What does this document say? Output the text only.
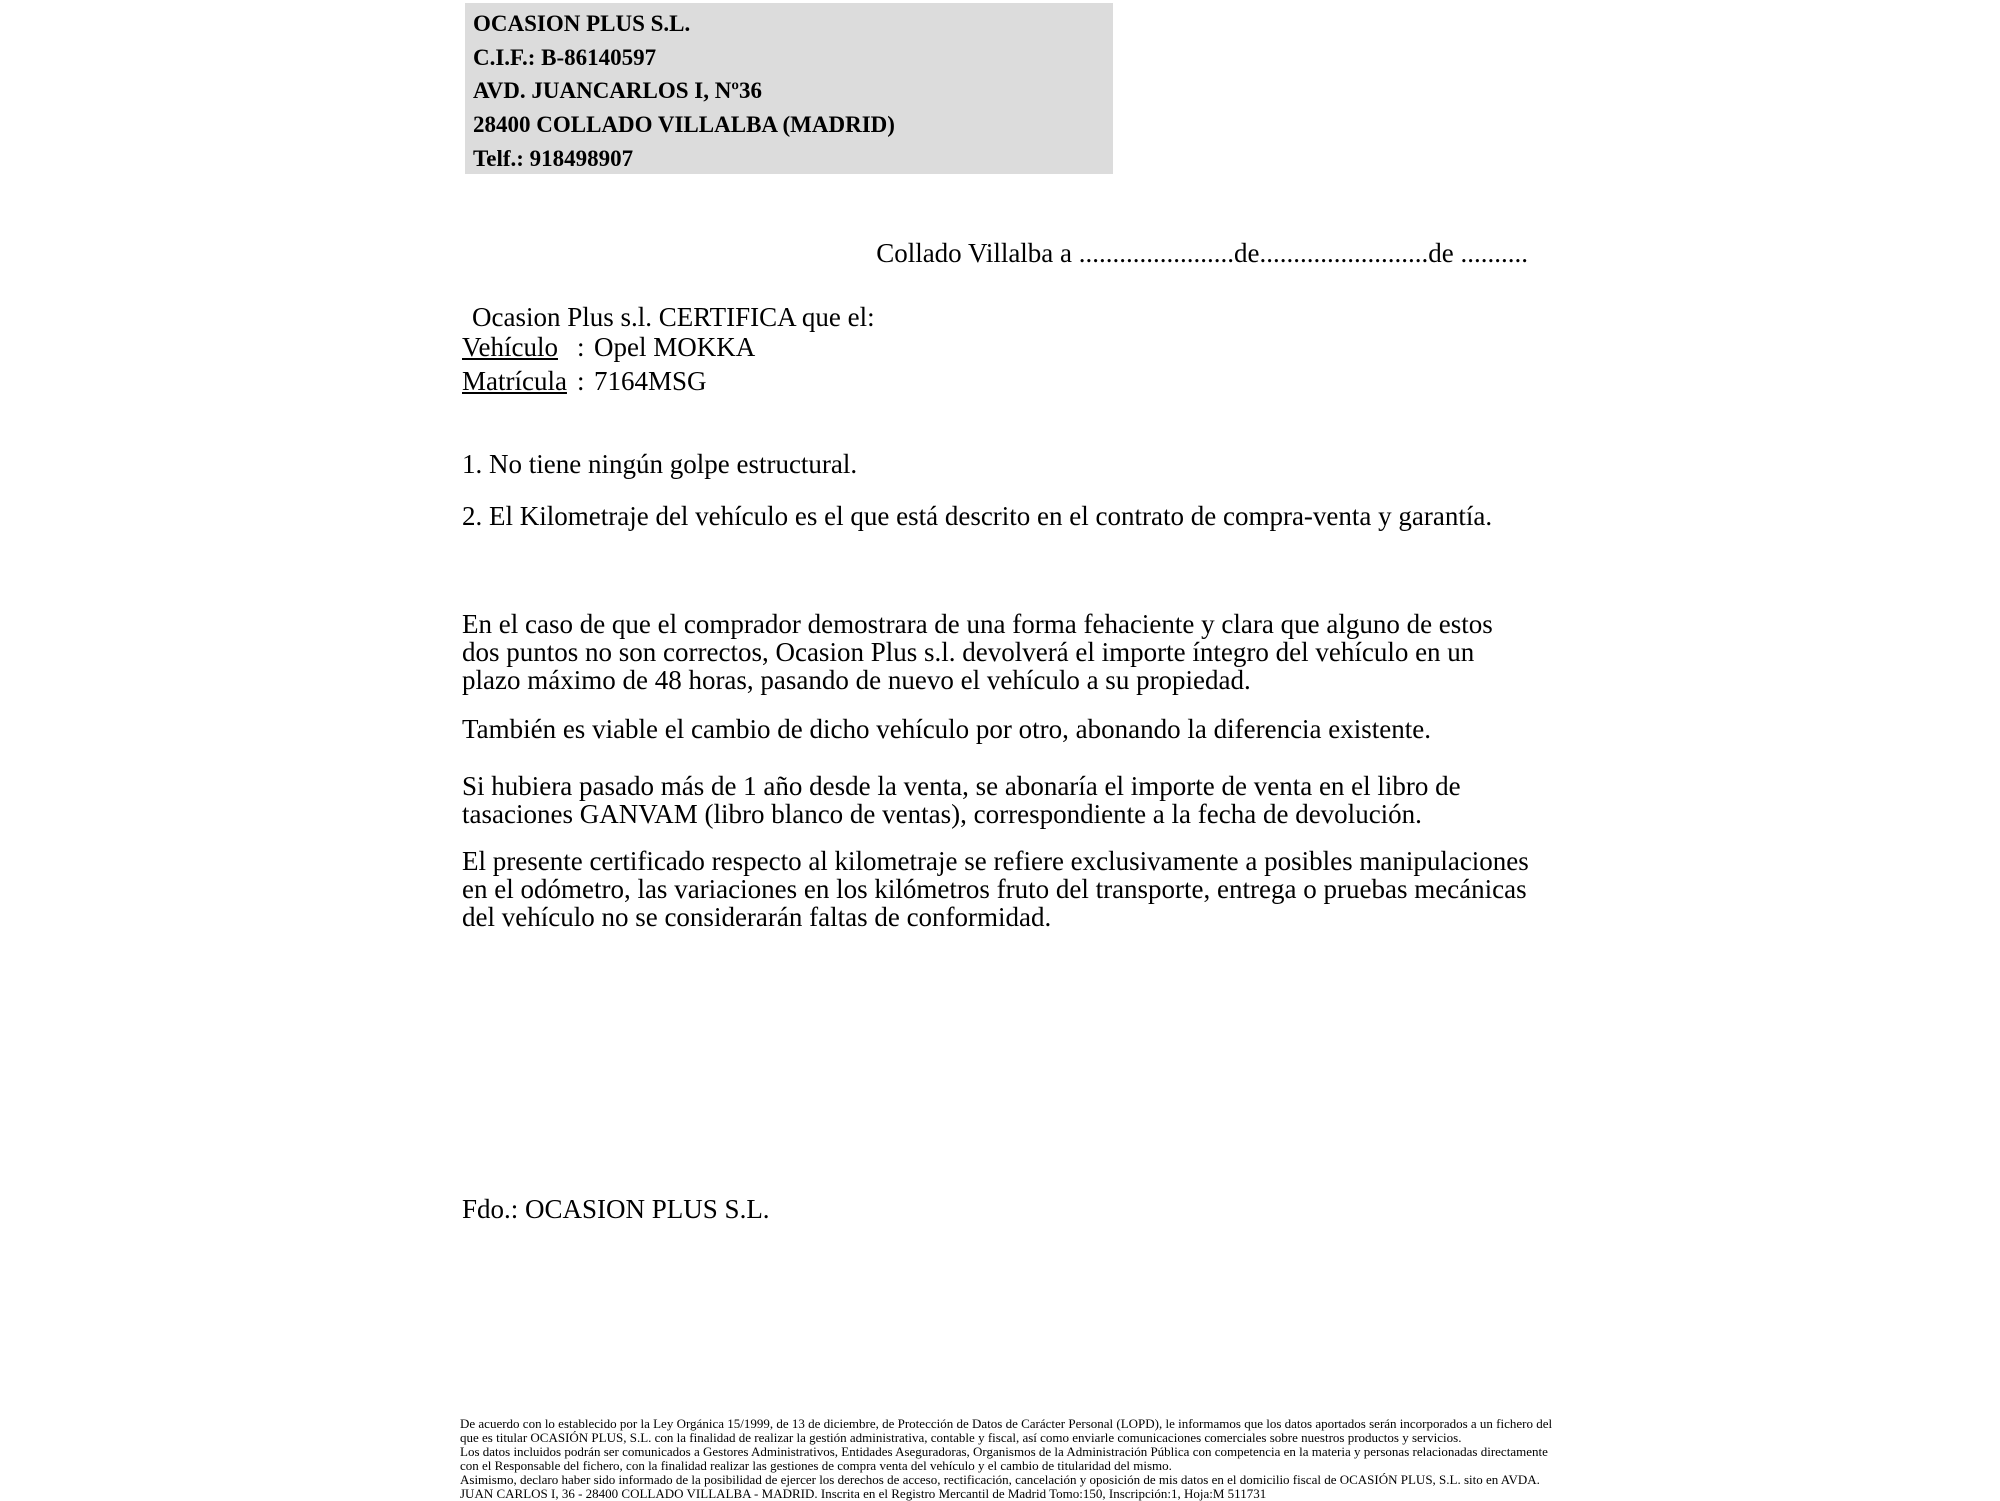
OCASION PLUS S.L.
C.I.F.: B-86140597
AVD. JUANCARLOS I, Nº36
28400 COLLADO VILLALBA (MADRID)
Telf.: 918498907
Collado Villalba a .......................de.........................de ..........
Ocasion Plus s.l. CERTIFICA que el:
Vehículo : Opel MOKKA
Matrícula : 7164MSG
1. No tiene ningún golpe estructural.
2. El Kilometraje del vehículo es el que está descrito en el contrato de compra-venta y garantía.
En el caso de que el comprador demostrara de una forma fehaciente y clara que alguno de estos dos puntos no son correctos, Ocasion Plus s.l. devolverá el importe íntegro del vehículo en un plazo máximo de 48 horas, pasando de nuevo el vehículo a su propiedad.
También es viable el cambio de dicho vehículo por otro, abonando la diferencia existente.
Si hubiera pasado más de 1 año desde la venta, se abonaría el importe de venta en el libro de tasaciones GANVAM (libro blanco de ventas), correspondiente a la fecha de devolución.
El presente certificado respecto al kilometraje se refiere exclusivamente a posibles manipulaciones en el odómetro, las variaciones en los kilómetros fruto del transporte, entrega o pruebas mecánicas del vehículo no se considerarán faltas de conformidad.
Fdo.: OCASION PLUS S.L.

De acuerdo con lo establecido por la Ley Orgánica 15/1999, de 13 de diciembre, de Protección de Datos de Carácter Personal (LOPD), le informamos que los datos aportados serán incorporados a un fichero del que es titular OCASIÓN PLUS, S.L. con la finalidad de realizar la gestión administrativa, contable y fiscal, así como enviarle comunicaciones comerciales sobre nuestros productos y servicios.

Los datos incluidos podrán ser comunicados a Gestores Administrativos, Entidades Aseguradoras, Organismos de la Administración Pública con competencia en la materia y personas relacionadas directamente con el Responsable del fichero, con la finalidad realizar las gestiones de compra venta del vehículo y el cambio de titularidad del mismo.

Asimismo, declaro haber sido informado de la posibilidad de ejercer los derechos de acceso, rectificación, cancelación y oposición de mis datos en el domicilio fiscal de OCASIÓN PLUS, S.L. sito en AVDA. JUAN CARLOS I, 36 - 28400 COLLADO VILLALBA - MADRID. Inscrita en el Registro Mercantil de Madrid Tomo:150, Inscripción:1, Hoja:M 511731
